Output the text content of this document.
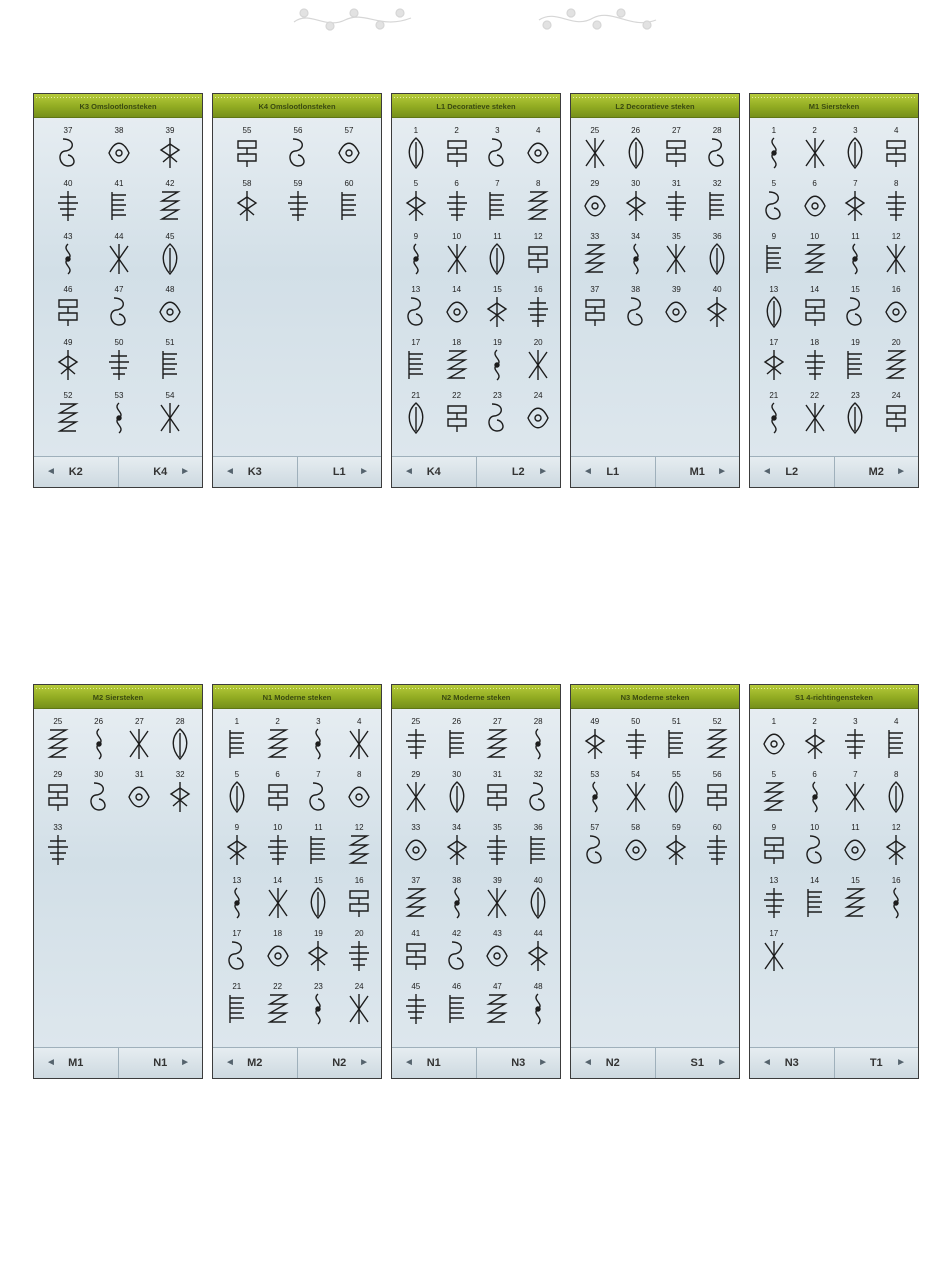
K3 Omslootlonsteken
37	38	39
40	41	42
43	44	45
46	47	48
49	50	51
52	53	54
◄ K2	K4 ►
K4 Omslootlonsteken
55	56	57
58	59	60
◄ K3	L1 ►
L1 Decoratieve steken
1	2	3	4
5	6	7	8
9	10	11	12
13	14	15	16
17	18	19	20
21	22	23	24
◄ K4	L2 ►
L2 Decoratieve steken
25	26	27	28
29	30	31	32
33	34	35	36
37	38	39	40
◄ L1	M1 ►
M1 Siersteken
1	2	3	4
5	6	7	8
9	10	11	12
13	14	15	16
17	18	19	20
21	22	23	24
◄ L2	M2 ►
M2 Siersteken
25	26	27	28
29	30	31	32
33
◄ M1	N1 ►
N1 Moderne steken
1	2	3	4
5	6	7	8
9	10	11	12
13	14	15	16
17	18	19	20
21	22	23	24
◄ M2	N2 ►
N2 Moderne steken
25	26	27	28
29	30	31	32
33	34	35	36
37	38	39	40
41	42	43	44
45	46	47	48
◄ N1	N3 ►
N3 Moderne steken
49	50	51	52
53	54	55	56
57	58	59	60
◄ N2	S1 ►
S1 4-richtingensteken
1	2	3	4
5	6	7	8
9	10	11	12
13	14	15	16
17
◄ N3	T1 ►
